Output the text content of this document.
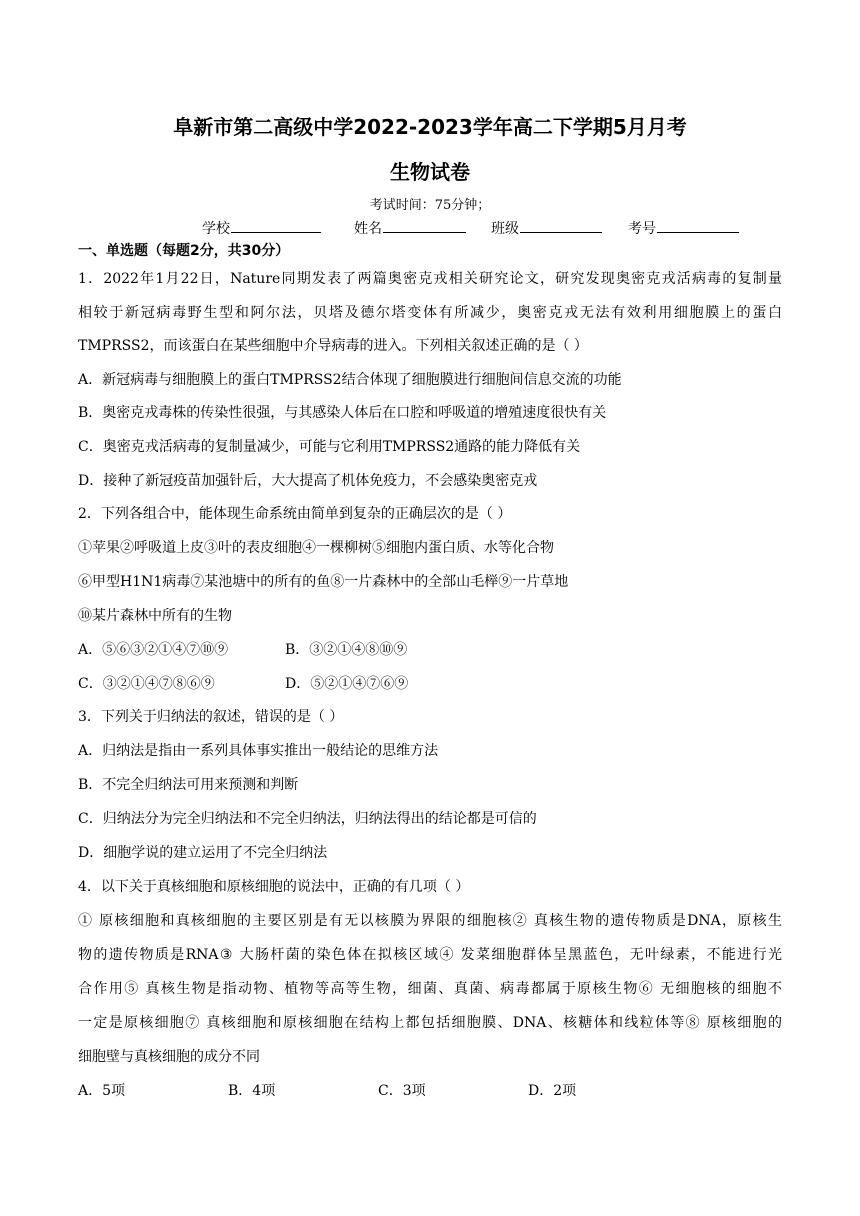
阜新市第二高级中学2022-2023学年高二下学期5月月考
生物试卷
考试时间：75分钟；
学校	姓名	班级	考号
一、单选题（每题2分，共30分）
1．2022年1月22日，Nature同期发表了两篇奥密克戎相关研究论文，研究发现奥密克戎活病毒的复制量
相较于新冠病毒野生型和阿尔法，贝塔及德尔塔变体有所减少，奥密克戎无法有效利用细胞膜上的蛋白
TMPRSS2，而该蛋白在某些细胞中介导病毒的进入。下列相关叙述正确的是（ ）
A．新冠病毒与细胞膜上的蛋白TMPRSS2结合体现了细胞膜进行细胞间信息交流的功能
B．奥密克戎毒株的传染性很强，与其感染人体后在口腔和呼吸道的增殖速度很快有关
C．奥密克戎活病毒的复制量减少，可能与它利用TMPRSS2通路的能力降低有关
D．接种了新冠疫苗加强针后，大大提高了机体免疫力，不会感染奥密克戎
2．下列各组合中，能体现生命系统由简单到复杂的正确层次的是（ ）
①苹果②呼吸道上皮③叶的表皮细胞④一棵柳树⑤细胞内蛋白质、水等化合物
⑥甲型H1N1病毒⑦某池塘中的所有的鱼⑧一片森林中的全部山毛榉⑨一片草地
⑩某片森林中所有的生物
A．⑤⑥③②①④⑦⑩⑨	B．③②①④⑧⑩⑨
C．③②①④⑦⑧⑥⑨	D．⑤②①④⑦⑥⑨
3．下列关于归纳法的叙述，错误的是（ ）
A．归纳法是指由一系列具体事实推出一般结论的思维方法
B．不完全归纳法可用来预测和判断
C．归纳法分为完全归纳法和不完全归纳法，归纳法得出的结论都是可信的
D．细胞学说的建立运用了不完全归纳法
4．以下关于真核细胞和原核细胞的说法中，正确的有几项（ ）
① 原核细胞和真核细胞的主要区别是有无以核膜为界限的细胞核② 真核生物的遗传物质是DNA，原核生
物的遗传物质是RNA③ 大肠杆菌的染色体在拟核区域④ 发菜细胞群体呈黑蓝色，无叶绿素，不能进行光
合作用⑤ 真核生物是指动物、植物等高等生物，细菌、真菌、病毒都属于原核生物⑥ 无细胞核的细胞不
一定是原核细胞⑦ 真核细胞和原核细胞在结构上都包括细胞膜、DNA、核糖体和线粒体等⑧ 原核细胞的
细胞壁与真核细胞的成分不同
A．5项	B．4项	C．3项	D．2项
